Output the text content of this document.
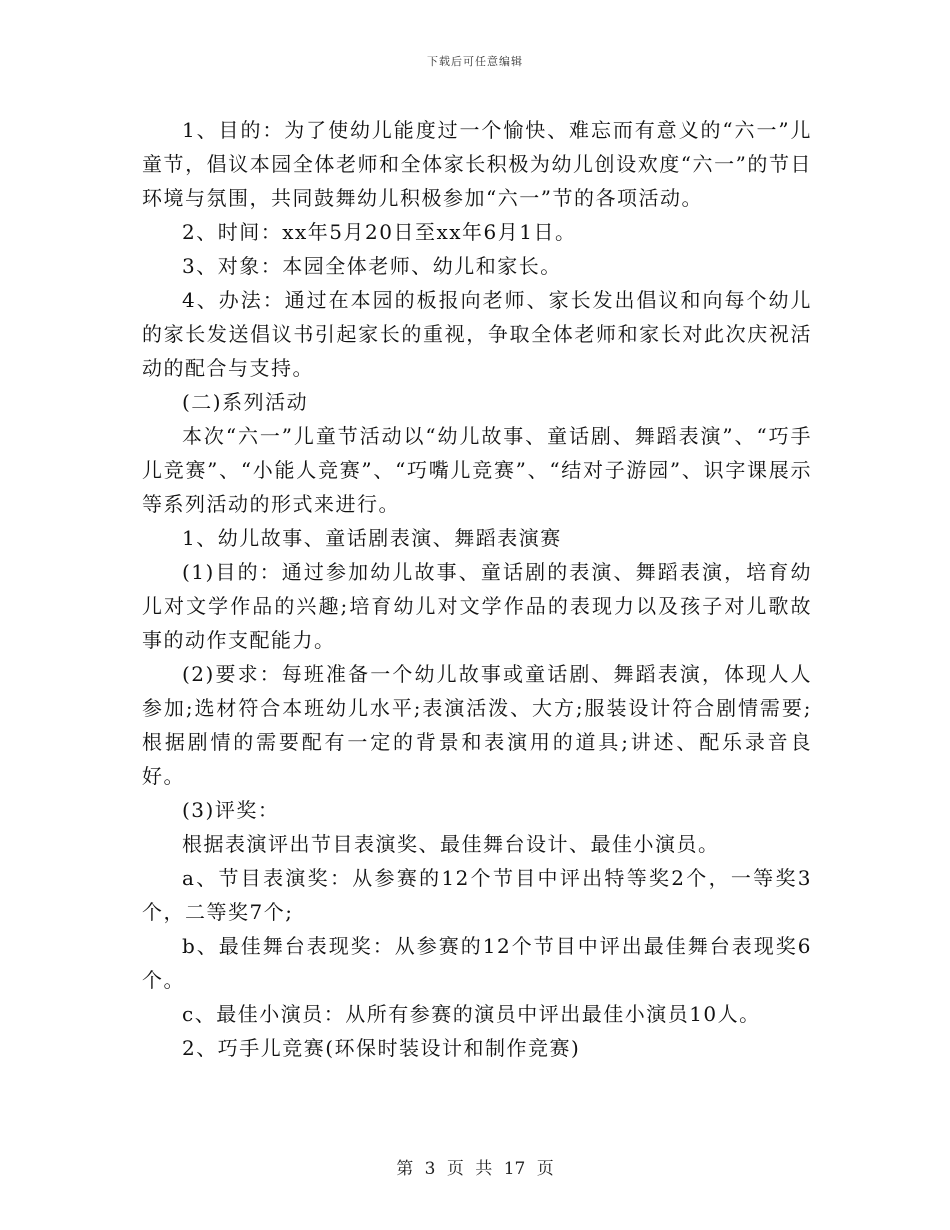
下载后可任意编辑

1、目的：为了使幼儿能度过一个愉快、难忘而有意义的“六一”儿童节，倡议本园全体老师和全体家长积极为幼儿创设欢度“六一”的节日环境与氛围，共同鼓舞幼儿积极参加“六一”节的各项活动。

2、时间：xx年5月20日至xx年6月1日。

3、对象：本园全体老师、幼儿和家长。

4、办法：通过在本园的板报向老师、家长发出倡议和向每个幼儿的家长发送倡议书引起家长的重视，争取全体老师和家长对此次庆祝活动的配合与支持。

(二)系列活动

本次“六一”儿童节活动以“幼儿故事、童话剧、舞蹈表演”、“巧手儿竞赛”、“小能人竞赛”、“巧嘴儿竞赛”、“结对子游园”、识字课展示等系列活动的形式来进行。

1、幼儿故事、童话剧表演、舞蹈表演赛

(1)目的：通过参加幼儿故事、童话剧的表演、舞蹈表演，培育幼儿对文学作品的兴趣;培育幼儿对文学作品的表现力以及孩子对儿歌故事的动作支配能力。

(2)要求：每班准备一个幼儿故事或童话剧、舞蹈表演，体现人人参加;选材符合本班幼儿水平;表演活泼、大方;服装设计符合剧情需要;根据剧情的需要配有一定的背景和表演用的道具;讲述、配乐录音良好。

(3)评奖：

根据表演评出节目表演奖、最佳舞台设计、最佳小演员。

a、节目表演奖：从参赛的12个节目中评出特等奖2个，一等奖3个，二等奖7个;

b、最佳舞台表现奖：从参赛的12个节目中评出最佳舞台表现奖6个。

c、最佳小演员：从所有参赛的演员中评出最佳小演员10人。

2、巧手儿竞赛(环保时装设计和制作竞赛)

第 3 页 共 17 页
